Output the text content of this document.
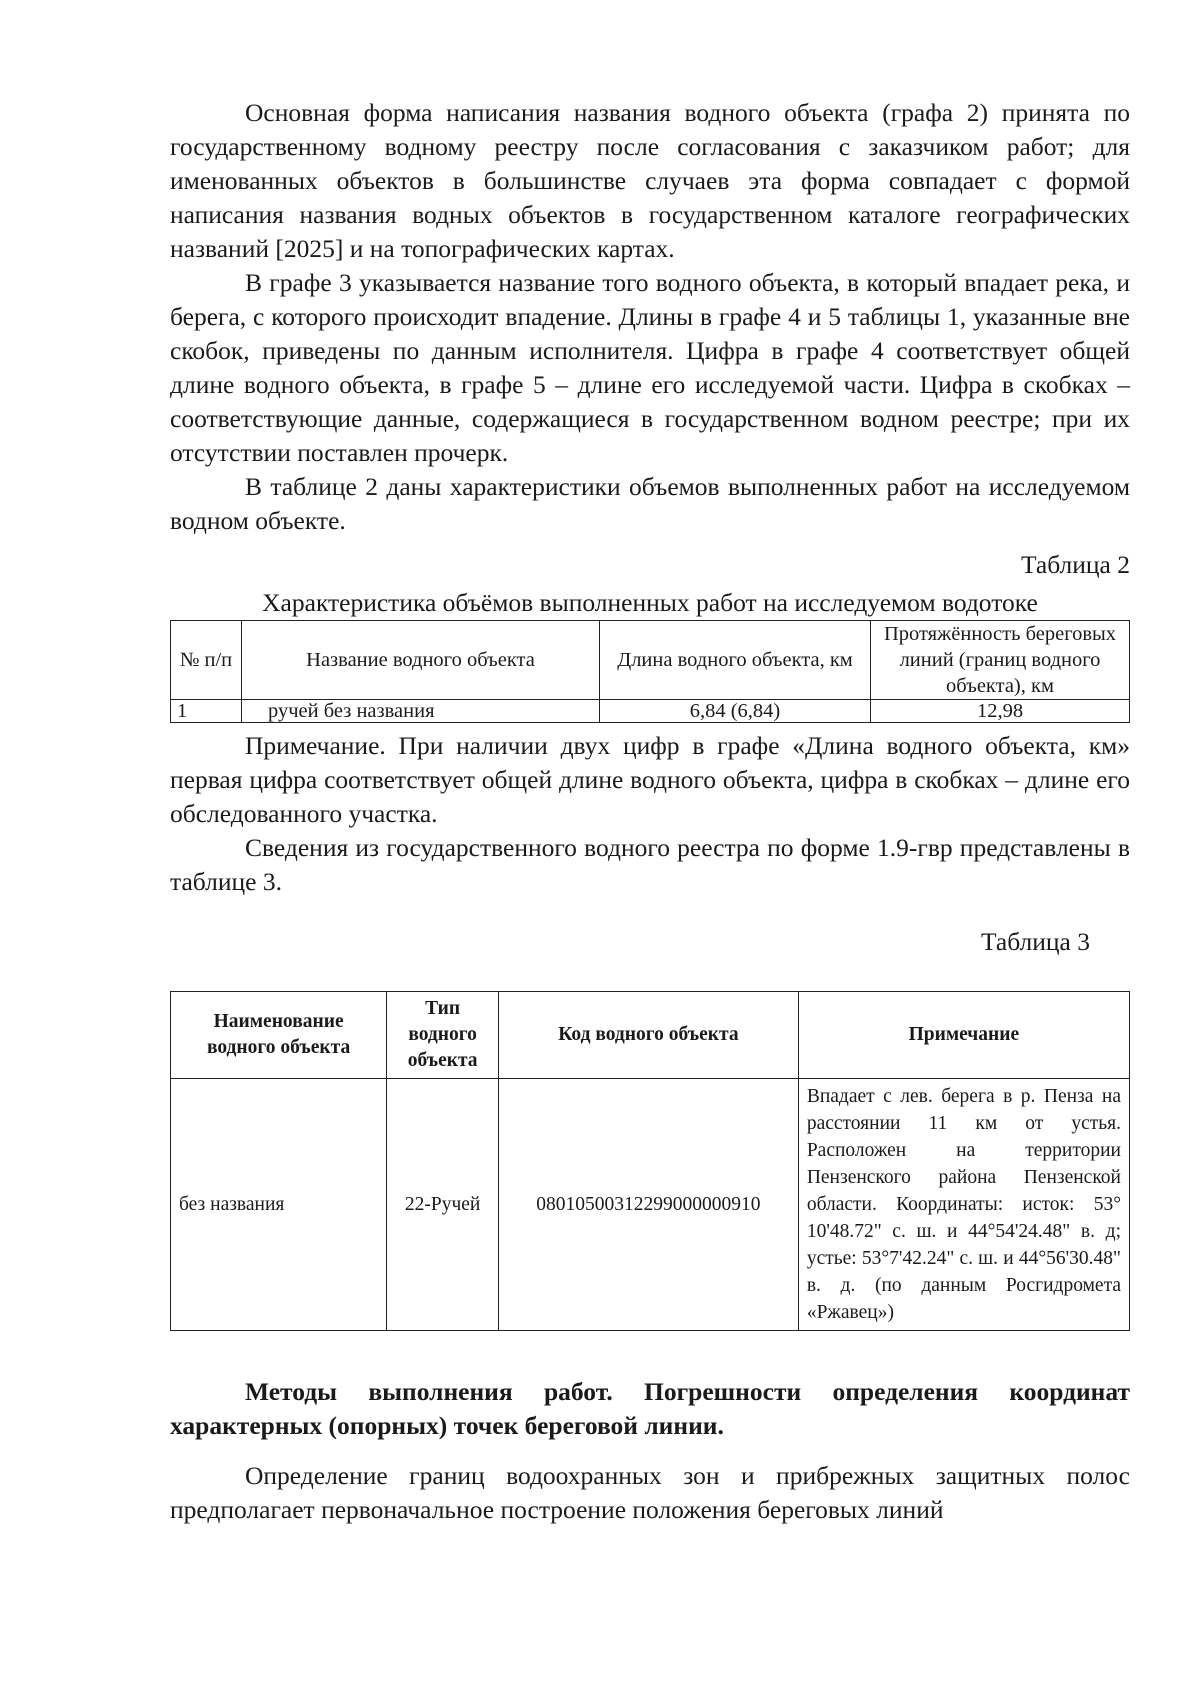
Основная форма написания названия водного объекта (графа 2) принята по государственному водному реестру после согласования с заказчиком работ; для именованных объектов в большинстве случаев эта форма совпадает с формой написания названия водных объектов в государственном каталоге географических названий [2025] и на топографических картах.

В графе 3 указывается название того водного объекта, в который впадает река, и берега, с которого происходит впадение. Длины в графе 4 и 5 таблицы 1, указанные вне скобок, приведены по данным исполнителя. Цифра в графе 4 соответствует общей длине водного объекта, в графе 5 – длине его исследуемой части. Цифра в скобках – соответствующие данные, содержащиеся в государственном водном реестре; при их отсутствии поставлен прочерк.

В таблице 2 даны характеристики объемов выполненных работ на исследуемом водном объекте.

Таблица 2

Характеристика объёмов выполненных работ на исследуемом водотоке

№ п/п	Название водного объекта	Длина водного объекта, км	Протяжённость береговых линий (границ водного объекта), км
1	ручей без названия	6,84 (6,84)	12,98

Примечание. При наличии двух цифр в графе «Длина водного объекта, км» первая цифра соответствует общей длине водного объекта, цифра в скобках – длине его обследованного участка.

Сведения из государственного водного реестра по форме 1.9-гвр представлены в таблице 3.

Таблица 3

Наименование водного объекта	Тип водного объекта	Код водного объекта	Примечание
без названия	22-Ручей	08010500312299000000910	Впадает с лев. берега в р. Пенза на расстоянии 11 км от устья. Расположен на территории Пензенского района Пензенской области. Координаты: исток: 53° 10'48.72" с. ш. и 44°54'24.48" в. д; устье: 53°7'42.24" с. ш. и 44°56'30.48" в. д. (по данным Росгидромета «Ржавец»)
Методы выполнения работ. Погрешности определения координат характерных (опорных) точек береговой линии.

Определение границ водоохранных зон и прибрежных защитных полос предполагает первоначальное построение положения береговых линий
